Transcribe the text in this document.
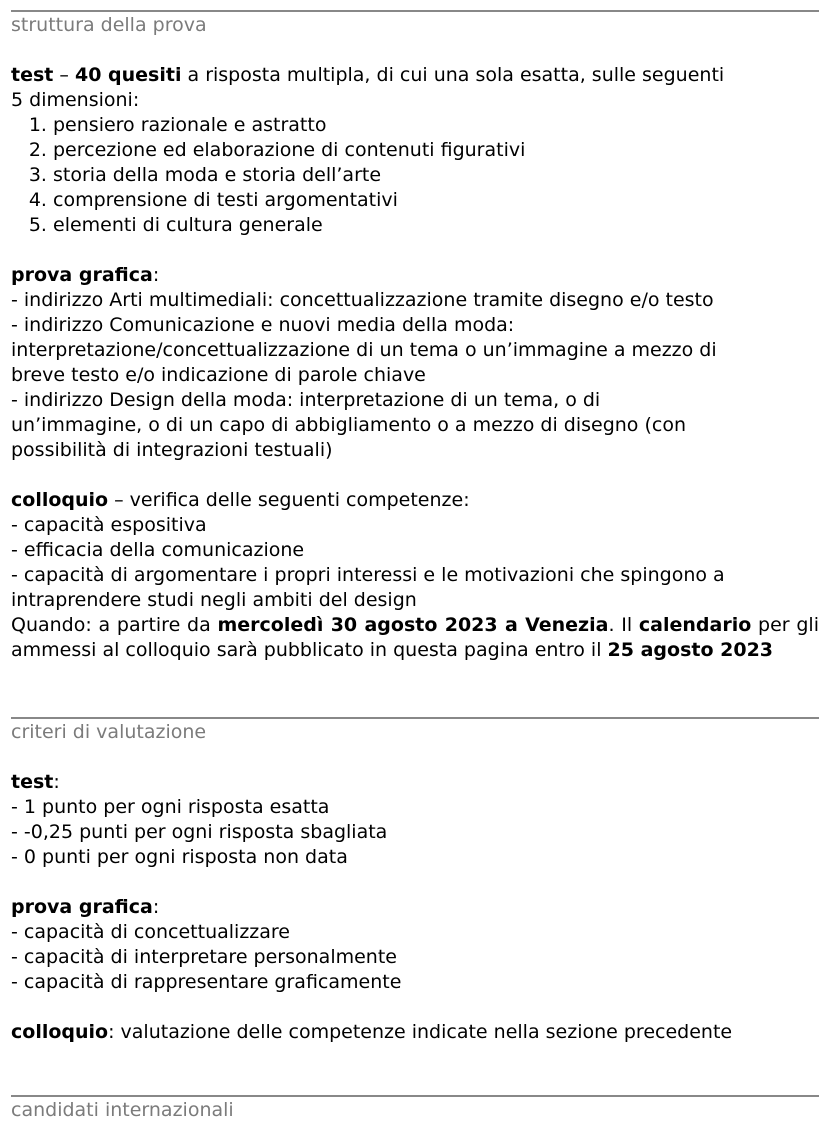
struttura della prova
test – 40 quesiti a risposta multipla, di cui una sola esatta, sulle seguenti
5 dimensioni:
1. pensiero razionale e astratto
2. percezione ed elaborazione di contenuti figurativi
3. storia della moda e storia dell’arte
4. comprensione di testi argomentativi
5. elementi di cultura generale
prova grafica:
- indirizzo Arti multimediali: concettualizzazione tramite disegno e/o testo
- indirizzo Comunicazione e nuovi media della moda:
interpretazione/concettualizzazione di un tema o un’immagine a mezzo di
breve testo e/o indicazione di parole chiave
- indirizzo Design della moda: interpretazione di un tema, o di
un’immagine, o di un capo di abbigliamento o a mezzo di disegno (con
possibilità di integrazioni testuali)
colloquio – verifica delle seguenti competenze:
- capacità espositiva
- efficacia della comunicazione
- capacità di argomentare i propri interessi e le motivazioni che spingono a
intraprendere studi negli ambiti del design
Quando: a partire da mercoledì 30 agosto 2023 a Venezia. Il calendario per gli ammessi al colloquio sarà pubblicato in questa pagina entro il 25 agosto 2023
criteri di valutazione
test:
- 1 punto per ogni risposta esatta
- -0,25 punti per ogni risposta sbagliata
- 0 punti per ogni risposta non data
prova grafica:
- capacità di concettualizzare
- capacità di interpretare personalmente
- capacità di rappresentare graficamente
colloquio: valutazione delle competenze indicate nella sezione precedente
candidati internazionali
